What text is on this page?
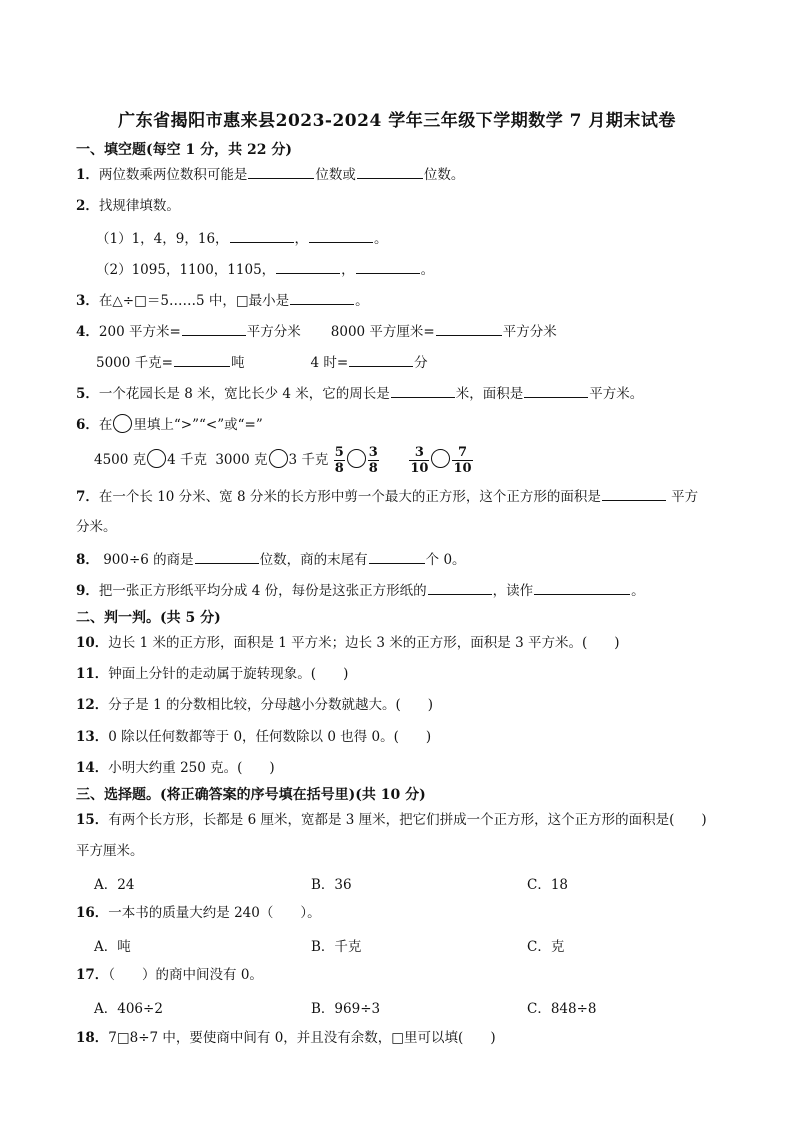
广东省揭阳市惠来县2023-2024 学年三年级下学期数学 7 月期末试卷
一、填空题(每空 1 分，共 22 分)
1．两位数乘两位数积可能是	位数或	位数。
2．找规律填数。
（1）1，4，9，16，	，	。
（2）1095，1100，1105，	，	。
3．在△÷□＝5……5 中，□最小是	。
4．200 平方米=	平方分米 8000 平方厘米=	平方分米
5000 千克=	吨	4 时=	分
5．一个花园长是 8 米，宽比长少 4 米，它的周长是	米，面积是	平方米。
6．在 里填上“>”“<”或“=”
4500 克 4 千克 3000 克 3 千克 $\frac{5}{8} \frac{3}{8}$
$\frac{3}{10} \frac{7}{10}$
7．在一个长 10 分米、宽 8 分米的长方形中剪一个最大的正方形，这个正方形的面积是	平方
分米。
8． 900÷6 的商是	位数，商的末尾有	个 0。
9．把一张正方形纸平均分成 4 份，每份是这张正方形纸的	，读作	。
二、判一判。(共 5 分)
10．边长 1 米的正方形，面积是 1 平方米；边长 3 米的正方形，面积是 3 平方米。(　　)
11．钟面上分针的走动属于旋转现象。(　　)
12．分子是 1 的分数相比较，分母越小分数就越大。(　　)
13．0 除以任何数都等于 0，任何数除以 0 也得 0。(　　)
14．小明大约重 250 克。(　　)
三、选择题。(将正确答案的序号填在括号里)(共 10 分)
15．有两个长方形，长都是 6 厘米，宽都是 3 厘米，把它们拼成一个正方形，这个正方形的面积是(　　)
平方厘米。
A．24	B．36	C．18
16．一本书的质量大约是 240（　　）。
A．吨	B．千克	C．克
17．（　　）的商中间没有 0。
A．406÷2	B．969÷3	C．848÷8
18．7□8÷7 中，要使商中间有 0，并且没有余数，□里可以填(　　)
